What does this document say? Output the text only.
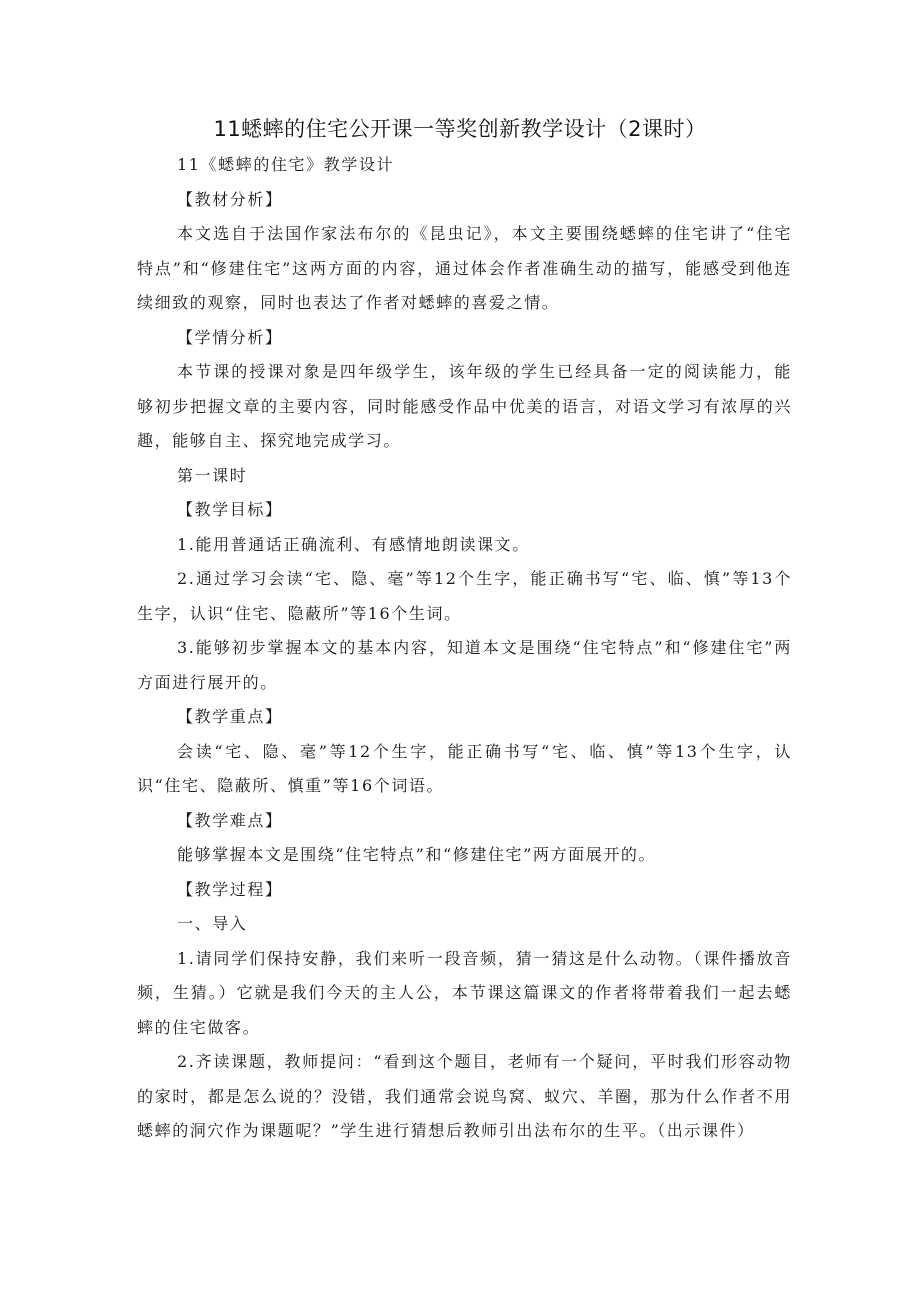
11蟋蟀的住宅公开课一等奖创新教学设计（2课时）

11《蟋蟀的住宅》教学设计

【教材分析】

本文选自于法国作家法布尔的《昆虫记》，本文主要围绕蟋蟀的住宅讲了“住宅特点”和“修建住宅”这两方面的内容，通过体会作者准确生动的描写，能感受到他连续细致的观察，同时也表达了作者对蟋蟀的喜爱之情。

【学情分析】

本节课的授课对象是四年级学生，该年级的学生已经具备一定的阅读能力，能够初步把握文章的主要内容，同时能感受作品中优美的语言，对语文学习有浓厚的兴趣，能够自主、探究地完成学习。

第一课时

【教学目标】

1.能用普通话正确流利、有感情地朗读课文。

2.通过学习会读“宅、隐、毫”等12个生字，能正确书写“宅、临、慎”等13个生字，认识“住宅、隐蔽所”等16个生词。

3.能够初步掌握本文的基本内容，知道本文是围绕“住宅特点”和“修建住宅”两方面进行展开的。

【教学重点】

会读“宅、隐、毫”等12个生字，能正确书写“宅、临、慎”等13个生字，认识“住宅、隐蔽所、慎重”等16个词语。

【教学难点】

能够掌握本文是围绕“住宅特点”和“修建住宅”两方面展开的。

【教学过程】

一、导入

1.请同学们保持安静，我们来听一段音频，猜一猜这是什么动物。（课件播放音频，生猜。）它就是我们今天的主人公，本节课这篇课文的作者将带着我们一起去蟋蟀的住宅做客。

2.齐读课题，教师提问：“看到这个题目，老师有一个疑问，平时我们形容动物的家时，都是怎么说的？没错，我们通常会说鸟窝、蚁穴、羊圈，那为什么作者不用蟋蟀的洞穴作为课题呢？”学生进行猜想后教师引出法布尔的生平。（出示课件）
